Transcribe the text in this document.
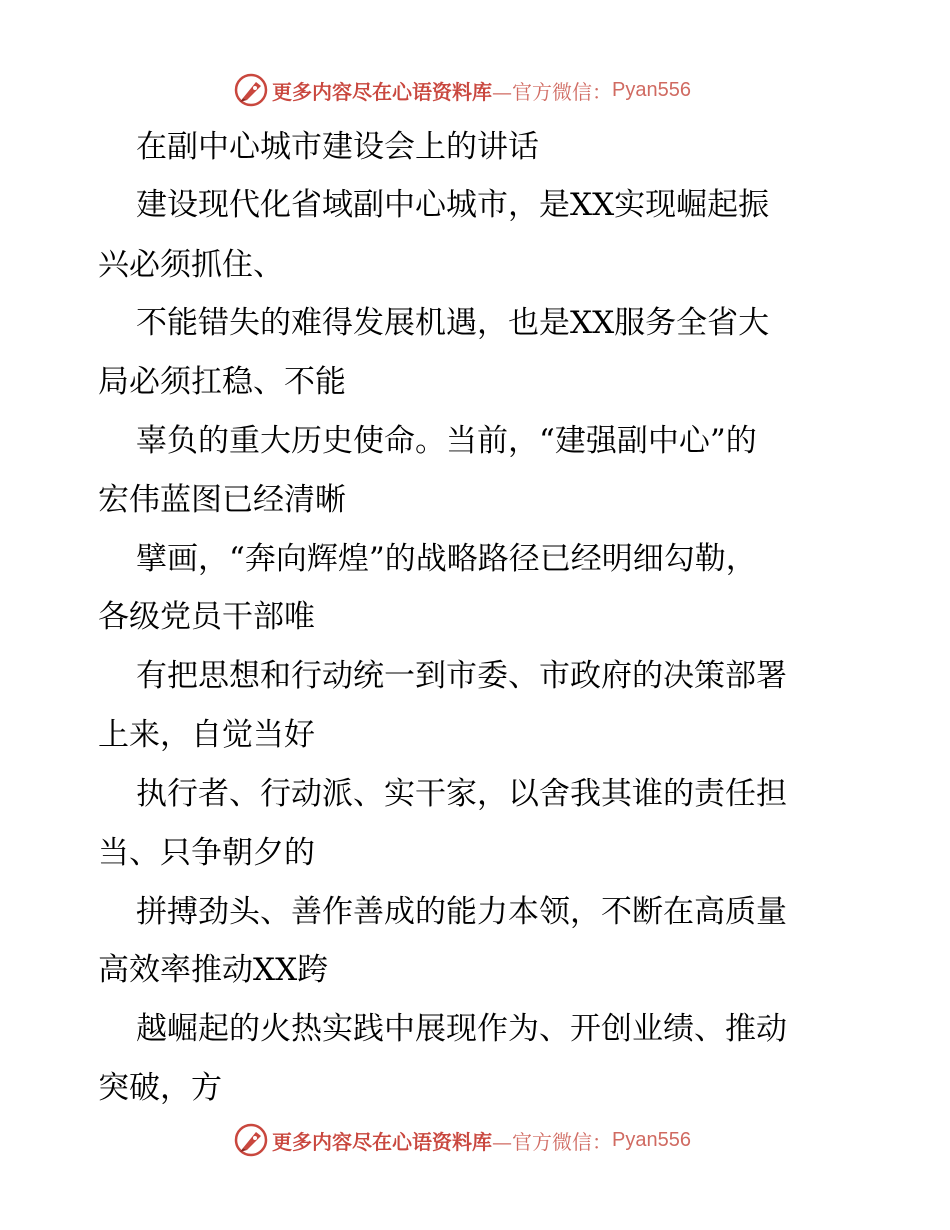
更多内容尽在心语资料库 —官方微信： Pyan556
在副中心城市建设会上的讲话
建设现代化省域副中心城市，是XX实现崛起振
兴必须抓住、
不能错失的难得发展机遇，也是XX服务全省大
局必须扛稳、不能
辜负的重大历史使命。当前，“建强副中心”的
宏伟蓝图已经清晰
擘画，“奔向辉煌”的战略路径已经明细勾勒，
各级党员干部唯
有把思想和行动统一到市委、市政府的决策部署
上来，自觉当好
执行者、行动派、实干家，以舍我其谁的责任担
当、只争朝夕的
拼搏劲头、善作善成的能力本领，不断在高质量
高效率推动XX跨
越崛起的火热实践中展现作为、开创业绩、推动
突破，方
更多内容尽在心语资料库 —官方微信： Pyan556
